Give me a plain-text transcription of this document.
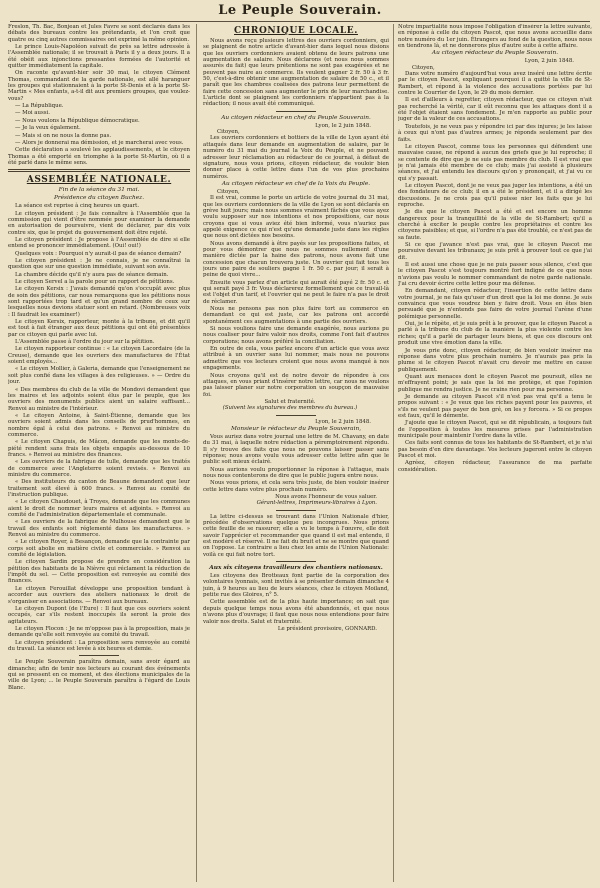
Le Peuple Souverain.

Freslon, Th. Bac, Bonjean et Jules Favre se sont déclarés dans les débats des bureaux contre les prétendants, et l'on croit que quatre ou cinq autres commissaires ont exprimé la même opinion.

Le prince Louis-Napoléon suivait de près sa lettre adressée à l'Assemblée nationale; il se trouvait à Paris il y a deux jours. Il a été obéit aux injonctions pressantes formées de l'autorité et quitter immédiatement la capitale.

On raconte qu'avant-hier soir 30 mai, le citoyen Clément Thomas, commandant de la garde nationale, est allé haranguer les groupes qui stationnaient à la porte St-Denis et à la porte St-Martin « Mes enfants, a-t-il dit aux premiers groupes, que voulez-vous?

— La République.

— Moi aussi.

— Nous voulons la République démocratique.

— Je la veux également.

— Mais si on ne nous la donne pas.

— Alors je donnerai ma démission, et je marcherai avec vous.

Cette déclaration a soulevé les applaudissements, et le citoyen Thomas a été emporté en triomphe à la porte St-Martin, où il a été parlé dans le même sens.

ASSEMBLÉE NATIONALE.
Fin de la séance du 31 mai.
Présidence du citoyen Buchez.

La séance est reprise à cinq heures un quart.

Le citoyen président : Je fais connaître à l'Assemblée que la commission qui vient d'être nommée pour examiner la demande en autorisation de poursuivre, vient de déclarer, par dix voix contre six, que le projet du gouvernement doit être rejeté.

Le citoyen président : Je propose à l'Assemblée de dire si elle entend se prononcer immédiatement. (Oui! oui!)

Quelques voix : Pourquoi n'y aurait-il pas de séance demain?

Le citoyen président : Je ne connais, je ne connaîtrai la question que sur une question immédiate, suivant son avis.

La chambre décide qu'il n'y aura pas de séance demain.

Le citoyen Servel a la parole pour un rapport de pétitions.

Le citoyen Kersix : J'avais demandé qu'on s'occupât avec plus de soin des pétitions, car nous remarquons que les pétitions nous sont rapportées trop tard et qu'un grand nombre de ceux sur lesquelles nous devions statuer sont en retard. (Nombreuses voix : Il faudrait les examiner!)

Le citoyen Kersix, rapporteur, monte à la tribune, et dit qu'il est tout à fait étranger aux deux pétitions qui ont été présentées par ce citoyen qui parle avec lui.

L'Assemblée passe à l'ordre du jour sur la pétition.

Le citoyen rapporteur continue : « Le citoyen Lacordaire (de la Creuse), demande que les ouvriers des manufactures de l'État soient employés...

« Le citoyen Mollier, à Galeria, demande que l'enseignement ne soit plus confié dans les villages à des religieuses. » — Ordre du jour.

« Des membres du club de la ville de Mondovi demandent que les maires et les adjoints soient élus par le peuple, que les ouvriers des monuments publics aient un salaire suffisant... Renvoi au ministre de l'intérieur.

« Le citoyen Antoine, à Saint-Étienne, demande que les ouvriers soient admis dans les conseils de prud'hommes, en nombre égal à celui des patrons. » Renvoi au ministre du commerce.

« Le citoyen Chapuis, de Mâcon, demande que les monts-de-piété rendent sans frais les objets engagés au-dessous de 10 francs. » Renvoi au ministre des finances.

« Les ouvriers de la fabrique de tulle, demande que les traités de commerce avec l'Angleterre soient revisés. » Renvoi au ministre du commerce.

« Des instituteurs du canton de Beaune demandent que leur traitement soit élevé à 600 francs. » Renvoi au comité de l'instruction publique.

« Le citoyen Chaudouet, à Troyes, demande que les communes aient le droit de nommer leurs maires et adjoints. » Renvoi au comité de l'administration départementale et communale.

« Les ouvriers de la fabrique de Mulhouse demandent que le travail des enfants soit réglementé dans les manufactures. » Renvoi au ministre du commerce.

« Le citoyen Royer, à Besançon, demande que la contrainte par corps soit abolie en matière civile et commerciale. » Renvoi au comité de législation.

Le citoyen Sardin propose de prendre en considération la pétition des habitants de la Nièvre qui réclament la réduction de l'impôt du sel. — Cette proposition est renvoyée au comité des finances.

Le citoyen Ferouillat développe une proposition tendant à accorder aux ouvriers des ateliers nationaux le droit de s'organiser en associations. — Renvoi aux bureaux.

Le citoyen Dupont (de l'Eure) : Il faut que ces ouvriers soient occupés, car s'ils restent inoccupés ils seront la proie des agitateurs.

Le citoyen Flocon : Je ne m'oppose pas à la proposition, mais je demande qu'elle soit renvoyée au comité du travail.

Le citoyen président : La proposition sera renvoyée au comité du travail. La séance est levée à six heures et demie.

Le Peuple Souverain paraîtra demain, sans avoir égard au dimanche; afin de tenir nos lecteurs au courant des événements qui se pressent en ce moment, et des élections municipales de la ville de Lyon; ... le Peuple Souverain paraîtra à l'égard de Louis Blanc.

CHRONIQUE LOCALE.

Nous avons reçu plusieurs lettres des ouvriers cordonniers, qui se plaignent de notre article d'avant-hier dans lequel nous disions que les ouvriers cordonniers avaient obtenu de leurs patrons une augmentation de salaire. Nous déclarons (et nous nous sommes assurés du fait) que leurs prétentions ne sont pas exagérées et ne peuvent pas nuire au commerce. Ils veulent gagner 2 fr. 50 à 3 fr. 50, c'est-à-dire obtenir une augmentation de salaire de 50 c., et il paraît que les chambres coalisées des patrons leur permettent de faire cette concession sans augmenter le prix de leur marchandise. L'article dont se plaignent les cordonniers n'appartient pas à la rédaction; il nous avait été communiqué.

Au citoyen rédacteur en chef du Peuple Souverain.
Lyon, le 2 juin 1848.
Citoyen,

Les ouvriers cordonniers et bottiers de la ville de Lyon ayant été attaqués dans leur demande en augmentation de salaire, par le numéro du 31 mai du journal la Voix du Peuple, et ne pouvant adresser leur réclamation au rédacteur de ce journal, à défaut de signature, nous vous prions, citoyen rédacteur, de vouloir bien donner place à cette lettre dans l'un de vos plus prochains numéros.

Au citoyen rédacteur en chef de la Voix du Peuple.
Citoyen,

Il est vrai, comme le porte un article de votre journal du 31 mai, que les ouvriers cordonniers de la ville de Lyon se sont déclarés en grève huit jours; mais nous sommes vraiment fâchés que vous ayez voulu supposer sur nos intentions et nos propositions, car nous croyons que si vous aviez été bien informé, vous n'auriez pas appelé exigence ce qui n'est qu'une demande juste dans les règles que nous ont dictées nos besoins.

Nous avons demandé à être payés sur les propositions faites, et pour vous démontrer que nous ne sommes nullement d'une manière dictée par la haine des patrons, nous avons fait une concession que chacun trouvera juste. Un ouvrier qui fait tous les jours une paire de souliers gagne 1 fr. 50 c. par jour; il serait à peine de quoi vivre...

Ensuite vous parlez d'un article qui aurait été payé 2 fr. 50 c. et qui serait payé 3 fr. Vous déclarerez formellement que ce travail-là est l'objet d'un tarif, et l'ouvrier qui ne peut le faire n'a pas le droit de réclamer.

Nous ne pensons pas non plus faire tort au commerce en demandant ce qui est juste, car les patrons ont accordé spontanément ces augmentations à une partie des ouvriers.

Si nous voulions faire une demande exagérée, nous aurions pu nous coaliser pour faire valoir nos droits, comme l'ont fait d'autres corporations; nous avons préféré la conciliation.

En outre de cela, vous parlez encore d'un article que vous avez attribué à un ouvrier sans lui nommer, mais nous ne pouvons admettre que vos lecteurs croient que nous avons manqué à nos engagements.

Nous croyons qu'il est de notre devoir de répondre à ces attaques, en vous priant d'insérer notre lettre, car nous ne voulons pas laisser planer sur notre corporation un soupçon de mauvaise foi.

Salut et fraternité.
(Suivent les signatures des membres du bureau.)
Lyon, le 2 juin 1848.
Monsieur le rédacteur du Peuple Souverain,

Vous auriez dans votre journal une lettre de M. Chavany, en date du 31 mai, à laquelle notre rédaction a péremptoirement répondu. Il s'y trouve des faits que nous ne pouvons laisser passer sans réponse; nous avons voulu vous adresser cette lettre afin que le public soit mieux éclairé.

Nous aurions voulu proportionner la réponse à l'attaque, mais nous nous contenterons de dire que le public jugera entre nous.

Nous vous prions, et cela sera très juste, de bien vouloir insérer cette lettre dans votre plus prochain numéro.

Nous avons l'honneur de vous saluer.
Gérant-lettres, Imprimeurs-libraires à Lyon.

La lettre ci-dessus se trouvant dans l'Union Nationale d'hier, précédée d'observations quelque peu incongrues. Nous prions cette feuille de se rassurer; elle a vu le temps à l'œuvre, elle doit savoir l'apprécier et recommander que quand il est mal entendu, il est modéré et réservé. Il ne fait du bruit et ne se montre que quand on l'oppose. Le contraire a lieu chez les amis de l'Union Nationale: voilà ce qui fait notre tort.

Aux six citoyens travailleurs des chantiers nationaux.

Les citoyens des Brotteaux font partie de la corporation des volontaires lyonnais, sont invités à se présenter demain dimanche 4 juin, à 9 heures au lieu de leurs séances, chez le citoyen Moiland, petite rue des Gloires, n° 5.

Cette assemblée est de la plus haute importance; on sait que depuis quelque temps nous avons été abandonnés, et que nous n'avons plus d'ouvrage; il faut que nous nous entendions pour faire valoir nos droits. Salut et fraternité.

Le président provisoire, GONNARD.

Notre impartialité nous impose l'obligation d'insérer la lettre suivante, en réponse à celle du citoyen Pascot, que nous avons accueillie dans notre numéro du 1er juin. Étrangers au fond de la question, nous nous en tiendrons là, et ne donnerons plus d'autre suite à cette affaire.

Au citoyen rédacteur du Peuple Souverain.
Lyon, 2 juin 1848.
Citoyen,

Dans votre numéro d'aujourd'hui vous avez inséré une lettre écrite par le citoyen Pascot, expliquant pourquoi il a quitté la ville de St-Rambert, et répond à la violence des accusations portées par lui contre le Courrier de Lyon, le 29 du mois dernier.

Il est d'ailleurs à regretter, citoyen rédacteur, que ce citoyen n'ait pas recherché la vérité, car il eût reconnu que les attaques dont il a été l'objet étaient sans fondement. Je m'en rapporte au public pour juger de la valeur de ces accusations.

Toutefois, je ne veux pas y répondre ici par des injures; je les laisse à ceux qui n'ont pas d'autres armes; je réponds seulement par des faits.

Le citoyen Pascot, comme tous les personnes qui défendent une mauvaise cause, ne répond à aucun des griefs que je lui reproche; il se contente de dire que je ne suis pas membre du club. Il est vrai que je n'ai jamais été membre de ce club; mais j'ai assisté à plusieurs séances, et j'ai entendu les discours qu'on y prononçait, et j'ai vu ce qui s'y passait.

Le citoyen Pascot, dont je ne veux pas juger les intentions, a été un des fondateurs de ce club; il en a été le président, et il a dirigé les discussions. Je ne crois pas qu'il puisse nier les faits que je lui reproche.

Je dis que le citoyen Pascot a été et est encore un homme dangereux pour la tranquillité de la ville de St-Rambert; qu'il a cherché à exciter le peuple contre les propriétaires et contre les citoyens paisibles; et que, si l'ordre n'a pas été troublé, ce n'est pas de sa faute.

Si ce que j'avance n'est pas vrai, que le citoyen Pascot me poursuive devant les tribunaux; je suis prêt à prouver tout ce que j'ai dit.

Il est aussi une chose que je ne puis passer sous silence, c'est que le citoyen Pascot s'est toujours montré fort indigné de ce que nous n'avions pas voulu le nommer commandant de notre garde nationale. J'ai cru devoir écrire cette lettre pour ma défense.

En demandant, citoyen rédacteur, l'insertion de cette lettre dans votre journal, je ne fais qu'user d'un droit que la loi me donne. Je suis convaincu que vous voudrez bien y faire droit. Vous en êtes bien persuadé que je n'entends pas faire de votre journal l'arène d'une polémique personnelle.

Oui, je le répète, et je suis prêt à le prouver, que le citoyen Pascot a parlé à la tribune du club de la manière la plus violente contre les riches; qu'il a parlé de partager leurs biens, et que ces discours ont produit une vive émotion dans la ville.

Je vous prie donc, citoyen rédacteur, de bien vouloir insérer ma réponse dans votre plus prochain numéro. Je n'aurais pas pris la plume si le citoyen Pascot n'avait cru devoir me mettre en cause publiquement.

Quant aux menaces dont le citoyen Pascot me poursuit, elles ne m'effrayent point; je sais que la loi me protège, et que l'opinion publique me rendra justice. Je ne crains rien pour ma personne.

Je demande au citoyen Pascot s'il n'est pas vrai qu'il a tenu le propos suivant : « Je veux que les riches payent pour les pauvres, et s'ils ne veulent pas payer de bon gré, on les y forcera. » Si ce propos est faux, qu'il le démente.

J'ajoute que le citoyen Pascot, qui se dit républicain, a toujours fait de l'opposition à toutes les mesures prises par l'administration municipale pour maintenir l'ordre dans la ville.

Ces faits sont connus de tous les habitants de St-Rambert, et je n'ai pas besoin d'en dire davantage. Vos lecteurs jugeront entre le citoyen Pascot et moi.

Agréez, citoyen rédacteur, l'assurance de ma parfaite considération.
